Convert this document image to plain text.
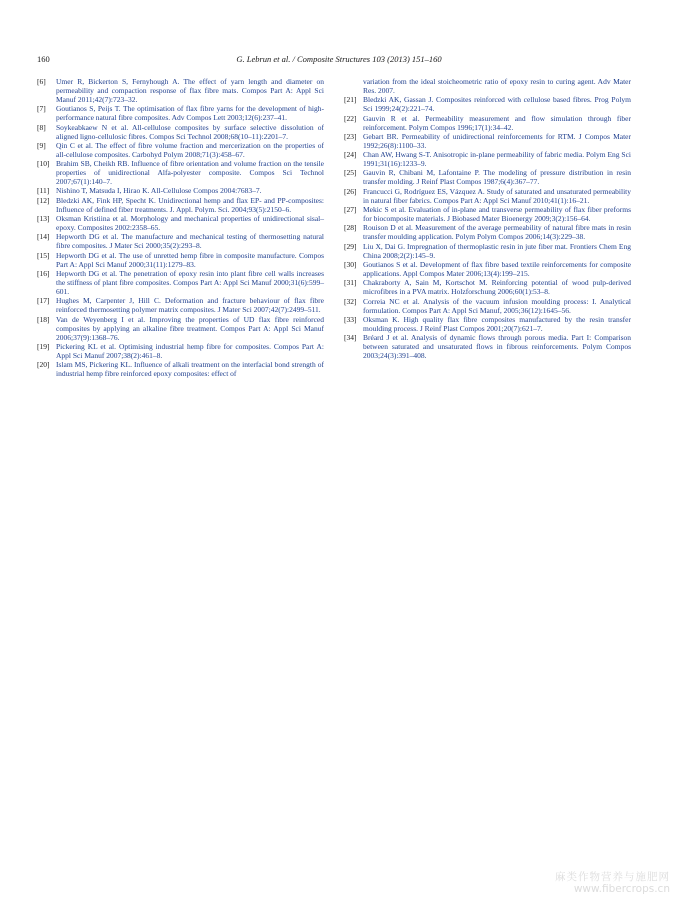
160	G. Lebrun et al. / Composite Structures 103 (2013) 151–160
[6] Umer R, Bickerton S, Fernyhough A. The effect of yarn length and diameter on permeability and compaction response of flax fibre mats. Compos Part A: Appl Sci Manuf 2011;42(7):723–32.
[7] Goutianos S, Peijs T. The optimisation of flax fibre yarns for the development of high-performance natural fibre composites. Adv Compos Lett 2003;12(6):237–41.
[8] Soykeabkaew N et al. All-cellulose composites by surface selective dissolution of aligned ligno-cellulosic fibres. Compos Sci Technol 2008;68(10–11):2201–7.
[9] Qin C et al. The effect of fibre volume fraction and mercerization on the properties of all-cellulose composites. Carbohyd Polym 2008;71(3):458–67.
[10] Brahim SB, Cheikh RB. Influence of fibre orientation and volume fraction on the tensile properties of unidirectional Alfa-polyester composite. Compos Sci Technol 2007;67(1):140–7.
[11] Nishino T, Matsuda I, Hirao K. All-Cellulose Compos 2004:7683–7.
[12] Bledzki AK, Fink HP, Specht K. Unidirectional hemp and flax EP- and PP-composites: Influence of defined fiber treatments. J. Appl. Polym. Sci. 2004;93(5):2150–6.
[13] Oksman Kristiina et al. Morphology and mechanical properties of unidirectional sisal–epoxy. Composites 2002:2358–65.
[14] Hepworth DG et al. The manufacture and mechanical testing of thermosetting natural fibre composites. J Mater Sci 2000;35(2):293–8.
[15] Hepworth DG et al. The use of unretted hemp fibre in composite manufacture. Compos Part A: Appl Sci Manuf 2000;31(11):1279–83.
[16] Hepworth DG et al. The penetration of epoxy resin into plant fibre cell walls increases the stiffness of plant fibre composites. Compos Part A: Appl Sci Manuf 2000;31(6):599–601.
[17] Hughes M, Carpenter J, Hill C. Deformation and fracture behaviour of flax fibre reinforced thermosetting polymer matrix composites. J Mater Sci 2007;42(7):2499–511.
[18] Van de Weyenberg I et al. Improving the properties of UD flax fibre reinforced composites by applying an alkaline fibre treatment. Compos Part A: Appl Sci Manuf 2006;37(9):1368–76.
[19] Pickering KL et al. Optimising industrial hemp fibre for composites. Compos Part A: Appl Sci Manuf 2007;38(2):461–8.
[20] Islam MS, Pickering KL. Influence of alkali treatment on the interfacial bond strength of industrial hemp fibre reinforced epoxy composites: effect of
variation from the ideal stoicheometric ratio of epoxy resin to curing agent. Adv Mater Res. 2007.
[21] Bledzki AK, Gassan J. Composites reinforced with cellulose based fibres. Prog Polym Sci 1999;24(2):221–74.
[22] Gauvin R et al. Permeability measurement and flow simulation through fiber reinforcement. Polym Compos 1996;17(1):34–42.
[23] Gebart BR. Permeability of unidirectional reinforcements for RTM. J Compos Mater 1992;26(8):1100–33.
[24] Chan AW, Hwang S-T. Anisotropic in-plane permeability of fabric media. Polym Eng Sci 1991;31(16):1233–9.
[25] Gauvin R, Chibani M, Lafontaine P. The modeling of pressure distribution in resin transfer molding. J Reinf Plast Compos 1987;6(4):367–77.
[26] Francucci G, Rodríguez ES, Vázquez A. Study of saturated and unsaturated permeability in natural fiber fabrics. Compos Part A: Appl Sci Manuf 2010;41(1):16–21.
[27] Mekic S et al. Evaluation of in-plane and transverse permeability of flax fiber preforms for biocomposite materials. J Biobased Mater Bioenergy 2009;3(2):156–64.
[28] Rouison D et al. Measurement of the average permeability of natural fibre mats in resin transfer moulding application. Polym Polym Compos 2006;14(3):229–38.
[29] Liu X, Dai G. Impregnation of thermoplastic resin in jute fiber mat. Frontiers Chem Eng China 2008;2(2):145–9.
[30] Goutianos S et al. Development of flax fibre based textile reinforcements for composite applications. Appl Compos Mater 2006;13(4):199–215.
[31] Chakraborty A, Sain M, Kortschot M. Reinforcing potential of wood pulp-derived microfibres in a PVA matrix. Holzforschung 2006;60(1):53–8.
[32] Correia NC et al. Analysis of the vacuum infusion moulding process: I. Analytical formulation. Compos Part A: Appl Sci Manuf, 2005;36(12):1645–56.
[33] Oksman K. High quality flax fibre composites manufactured by the resin transfer moulding process. J Reinf Plast Compos 2001;20(7):621–7.
[34] Bréard J et al. Analysis of dynamic flows through porous media. Part I: Comparison between saturated and unsaturated flows in fibrous reinforcements. Polym Compos 2003;24(3):391–408.
麻类作物营养与施肥网
www.fibercrops.cn
